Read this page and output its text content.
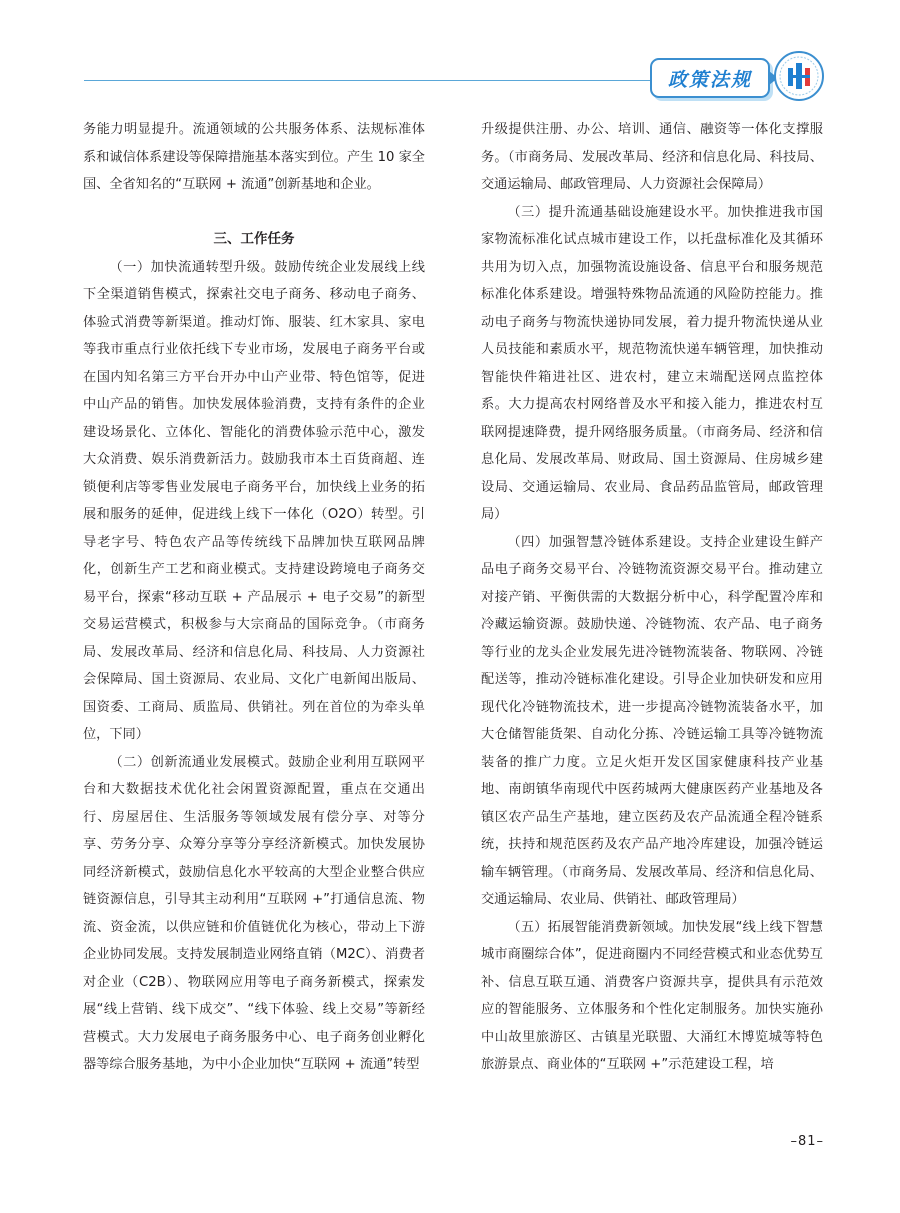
政策法规

务能力明显提升。流通领域的公共服务体系、法规标准体系和诚信体系建设等保障措施基本落实到位。产生 10 家全国、全省知名的“互联网 + 流通”创新基地和企业。

三、工作任务

（一）加快流通转型升级。鼓励传统企业发展线上线下全渠道销售模式，探索社交电子商务、移动电子商务、体验式消费等新渠道。推动灯饰、服装、红木家具、家电等我市重点行业依托线下专业市场，发展电子商务平台或在国内知名第三方平台开办中山产业带、特色馆等，促进中山产品的销售。加快发展体验消费，支持有条件的企业建设场景化、立体化、智能化的消费体验示范中心，激发大众消费、娱乐消费新活力。鼓励我市本土百货商超、连锁便利店等零售业发展电子商务平台，加快线上业务的拓展和服务的延伸，促进线上线下一体化（O2O）转型。引导老字号、特色农产品等传统线下品牌加快互联网品牌化，创新生产工艺和商业模式。支持建设跨境电子商务交易平台，探索“移动互联 + 产品展示 + 电子交易”的新型交易运营模式，积极参与大宗商品的国际竞争。（市商务局、发展改革局、经济和信息化局、科技局、人力资源社会保障局、国土资源局、农业局、文化广电新闻出版局、国资委、工商局、质监局、供销社。列在首位的为牵头单位，下同）

（二）创新流通业发展模式。鼓励企业利用互联网平台和大数据技术优化社会闲置资源配置，重点在交通出行、房屋居住、生活服务等领域发展有偿分享、对等分享、劳务分享、众筹分享等分享经济新模式。加快发展协同经济新模式，鼓励信息化水平较高的大型企业整合供应链资源信息，引导其主动利用“互联网 +”打通信息流、物流、资金流，以供应链和价值链优化为核心，带动上下游企业协同发展。支持发展制造业网络直销（M2C）、消费者对企业（C2B）、物联网应用等电子商务新模式，探索发展“线上营销、线下成交”、“线下体验、线上交易”等新经营模式。大力发展电子商务服务中心、电子商务创业孵化器等综合服务基地，为中小企业加快“互联网 + 流通”转型

升级提供注册、办公、培训、通信、融资等一体化支撑服务。（市商务局、发展改革局、经济和信息化局、科技局、交通运输局、邮政管理局、人力资源社会保障局）

（三）提升流通基础设施建设水平。加快推进我市国家物流标准化试点城市建设工作，以托盘标准化及其循环共用为切入点，加强物流设施设备、信息平台和服务规范标准化体系建设。增强特殊物品流通的风险防控能力。推动电子商务与物流快递协同发展，着力提升物流快递从业人员技能和素质水平，规范物流快递车辆管理，加快推动智能快件箱进社区、进农村，建立末端配送网点监控体系。大力提高农村网络普及水平和接入能力，推进农村互联网提速降费，提升网络服务质量。（市商务局、经济和信息化局、发展改革局、财政局、国土资源局、住房城乡建设局、交通运输局、农业局、食品药品监管局，邮政管理局）

（四）加强智慧冷链体系建设。支持企业建设生鲜产品电子商务交易平台、冷链物流资源交易平台。推动建立对接产销、平衡供需的大数据分析中心，科学配置冷库和冷藏运输资源。鼓励快递、冷链物流、农产品、电子商务等行业的龙头企业发展先进冷链物流装备、物联网、冷链配送等，推动冷链标准化建设。引导企业加快研发和应用现代化冷链物流技术，进一步提高冷链物流装备水平，加大仓储智能货架、自动化分拣、冷链运输工具等冷链物流装备的推广力度。立足火炬开发区国家健康科技产业基地、南朗镇华南现代中医药城两大健康医药产业基地及各镇区农产品生产基地，建立医药及农产品流通全程冷链系统，扶持和规范医药及农产品产地冷库建设，加强冷链运输车辆管理。（市商务局、发展改革局、经济和信息化局、交通运输局、农业局、供销社、邮政管理局）

（五）拓展智能消费新领域。加快发展“线上线下智慧城市商圈综合体”，促进商圈内不同经营模式和业态优势互补、信息互联互通、消费客户资源共享，提供具有示范效应的智能服务、立体服务和个性化定制服务。加快实施孙中山故里旅游区、古镇星光联盟、大涌红木博览城等特色旅游景点、商业体的“互联网 +”示范建设工程，培

–81–
